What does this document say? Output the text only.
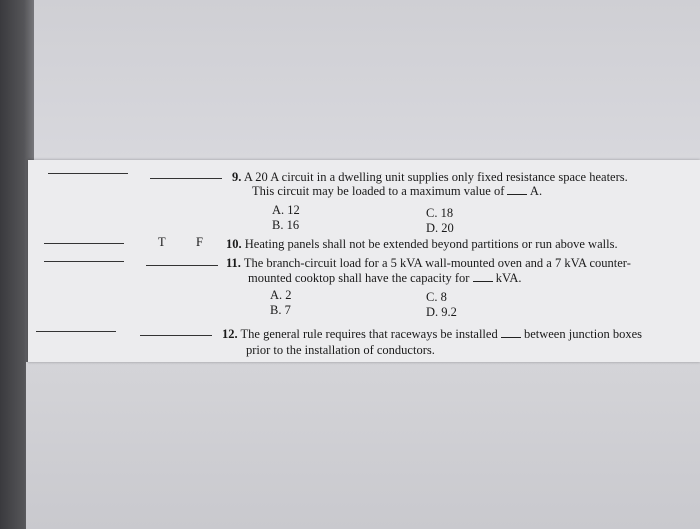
9. A 20 A circuit in a dwelling unit supplies only fixed resistance space heaters.
This circuit may be loaded to a maximum value of A.
A. 12	C. 18
B. 16	D. 20
T F 10. Heating panels shall not be extended beyond partitions or run above walls.
11. The branch-circuit load for a 5 kVA wall-mounted oven and a 7 kVA counter-
mounted cooktop shall have the capacity for kVA.
A. 2	C. 8
B. 7	D. 9.2
12. The general rule requires that raceways be installed between junction boxes
prior to the installation of conductors.
